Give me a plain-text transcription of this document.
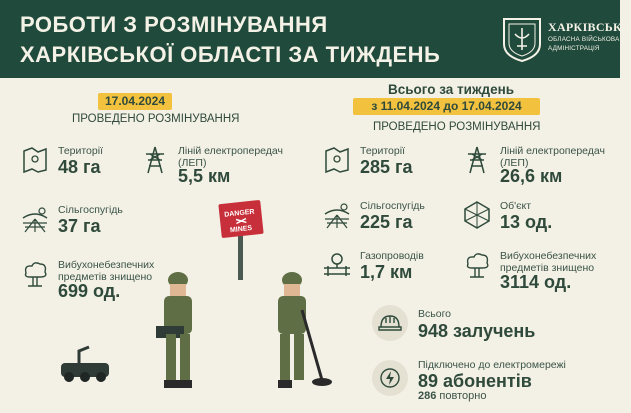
РОБОТИ З РОЗМІНУВАННЯ
ХАРКІВСЬКОЇ ОБЛАСТІ ЗА ТИЖДЕНЬ
ХАРКІВСЬКА
ОБЛАСНА ВІЙСЬКОВА
АДМІНІСТРАЦІЯ
17.04.2024
ПРОВЕДЕНО РОЗМІНУВАННЯ
Території
48 га
Ліній електропередач
(ЛЕП)
5,5 км
Сільгоспугідь
37 га
Вибухонебезпечних
предметів знищено
699 од.
DANGER
MINES
Всього за тиждень
з 11.04.2024 до 17.04.2024
ПРОВЕДЕНО РОЗМІНУВАННЯ
Території
285 га
Ліній електропередач
(ЛЕП)
26,6 км
Сільгоспугідь
225 га
Об'єкт
13 од.
Газопроводів
1,7 км
Вибухонебезпечних
предметів знищено
3114 од.
Всього
948 залучень
Підключено до електромережі
89 абонентів
286 повторно
